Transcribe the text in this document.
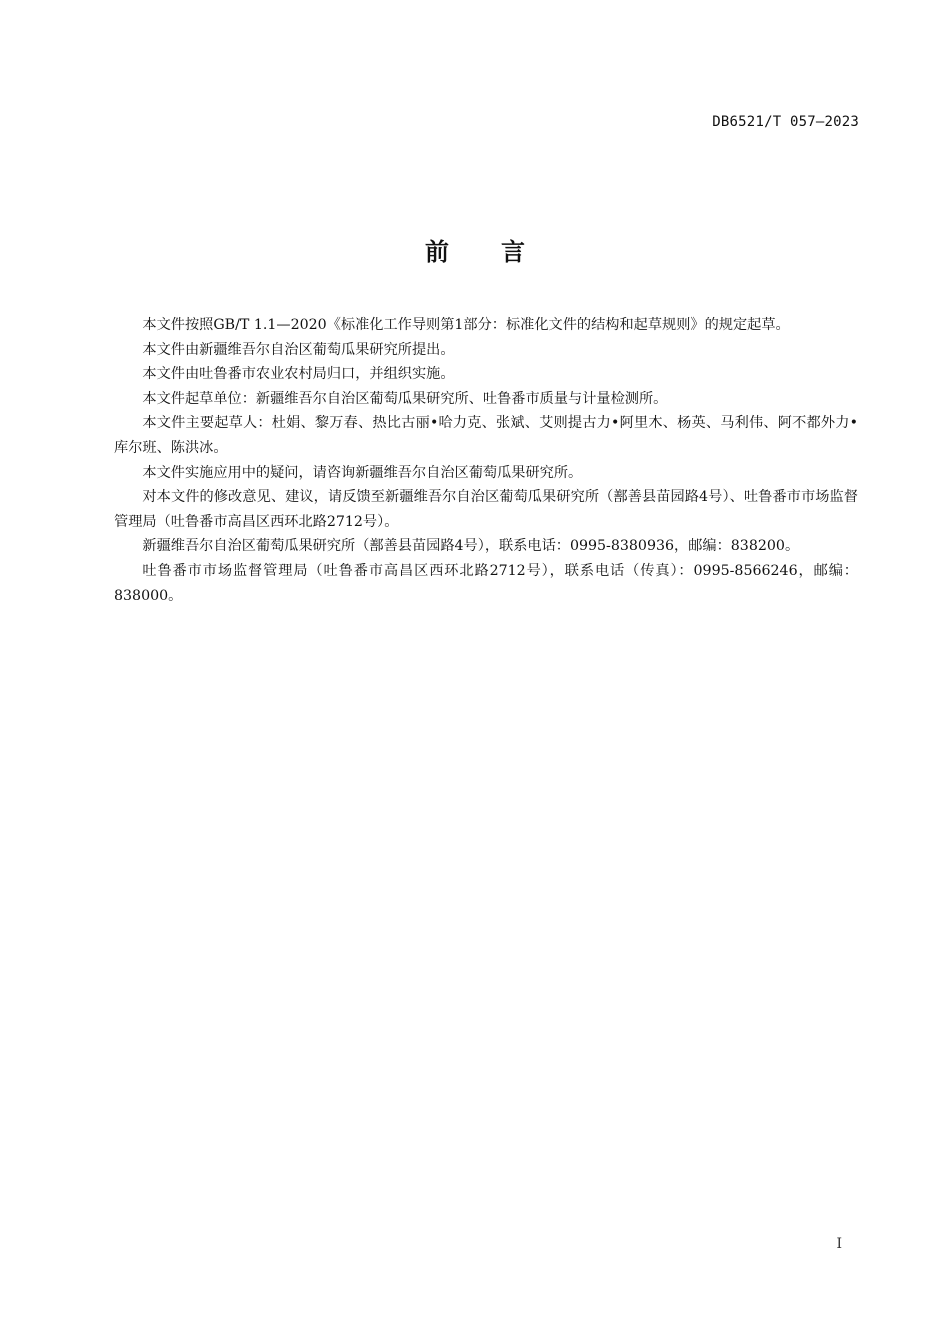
DB6521/T 057—2023
前言

本文件按照GB/T 1.1—2020《标准化工作导则第1部分：标准化文件的结构和起草规则》的规定起草。

本文件由新疆维吾尔自治区葡萄瓜果研究所提出。

本文件由吐鲁番市农业农村局归口，并组织实施。

本文件起草单位：新疆维吾尔自治区葡萄瓜果研究所、吐鲁番市质量与计量检测所。

本文件主要起草人：杜娟、黎万春、热比古丽•哈力克、张斌、艾则提古力•阿里木、杨英、马利伟、阿不都外力•库尔班、陈洪冰。

本文件实施应用中的疑问，请咨询新疆维吾尔自治区葡萄瓜果研究所。

对本文件的修改意见、建议，请反馈至新疆维吾尔自治区葡萄瓜果研究所（鄯善县苗园路4号）、吐鲁番市市场监督管理局（吐鲁番市高昌区西环北路2712号）。

新疆维吾尔自治区葡萄瓜果研究所（鄯善县苗园路4号），联系电话：0995-8380936，邮编：838200。

吐鲁番市市场监督管理局（吐鲁番市高昌区西环北路2712号），联系电话（传真）：0995-8566246，邮编：838000。

I
